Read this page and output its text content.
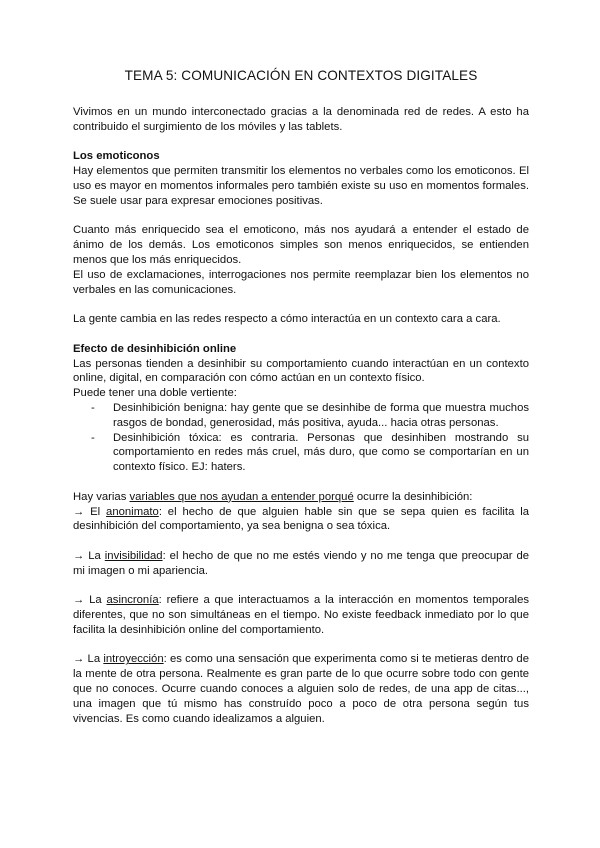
TEMA 5: COMUNICACIÓN EN CONTEXTOS DIGITALES

Vivimos en un mundo interconectado gracias a la denominada red de redes. A esto ha contribuido el surgimiento de los móviles y las tablets.

Los emoticonos

Hay elementos que permiten transmitir los elementos no verbales como los emoticonos. El uso es mayor en momentos informales pero también existe su uso en momentos formales. Se suele usar para expresar emociones positivas.

Cuanto más enriquecido sea el emoticono, más nos ayudará a entender el estado de ánimo de los demás. Los emoticonos simples son menos enriquecidos, se entienden menos que los más enriquecidos.

El uso de exclamaciones, interrogaciones nos permite reemplazar bien los elementos no verbales en las comunicaciones.

La gente cambia en las redes respecto a cómo interactúa en un contexto cara a cara.

Efecto de desinhibición online

Las personas tienden a desinhibir su comportamiento cuando interactúan en un contexto online, digital, en comparación con cómo actúan en un contexto físico.

Puede tener una doble vertiente:

- Desinhibición benigna: hay gente que se desinhibe de forma que muestra muchos rasgos de bondad, generosidad, más positiva, ayuda... hacia otras personas.
- Desinhibición tóxica: es contraria. Personas que desinhiben mostrando su comportamiento en redes más cruel, más duro, que como se comportarían en un contexto físico. EJ: haters.

Hay varias variables que nos ayudan a entender porqué ocurre la desinhibición:

→ El anonimato: el hecho de que alguien hable sin que se sepa quien es facilita la desinhibición del comportamiento, ya sea benigna o sea tóxica.

→ La invisibilidad: el hecho de que no me estés viendo y no me tenga que preocupar de mi imagen o mi apariencia.

→ La asincronía: refiere a que interactuamos a la interacción en momentos temporales diferentes, que no son simultáneas en el tiempo. No existe feedback inmediato por lo que facilita la desinhibición online del comportamiento.

→ La introyección: es como una sensación que experimenta como si te metieras dentro de la mente de otra persona. Realmente es gran parte de lo que ocurre sobre todo con gente que no conoces. Ocurre cuando conoces a alguien solo de redes, de una app de citas..., una imagen que tú mismo has construído poco a poco de otra persona según tus vivencias. Es como cuando idealizamos a alguien.
